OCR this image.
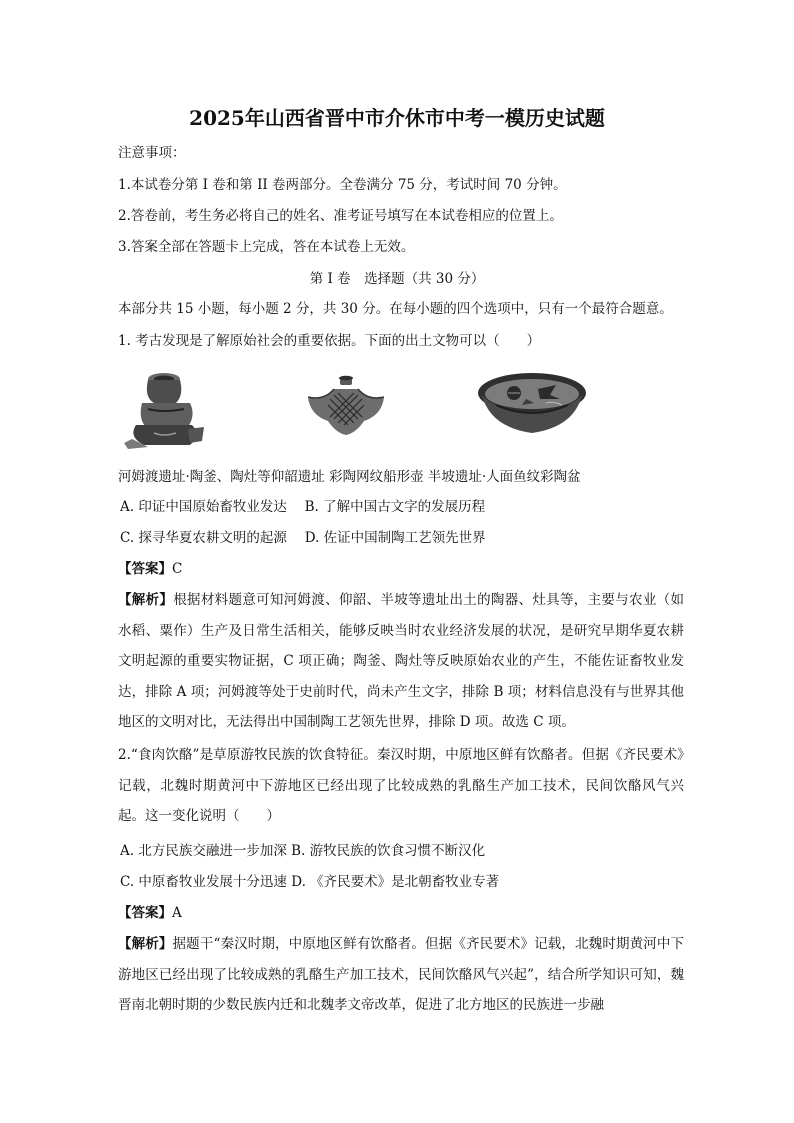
2025年山西省晋中市介休市中考一模历史试题
注意事项：
1.本试卷分第 I 卷和第 II 卷两部分。全卷满分 75 分，考试时间 70 分钟。
2.答卷前，考生务必将自己的姓名、准考证号填写在本试卷相应的位置上。
3.答案全部在答题卡上完成，答在本试卷上无效。
第 I 卷　选择题（共 30 分）
本部分共 15 小题，每小题 2 分，共 30 分。在每小题的四个选项中，只有一个最符合题意。
1. 考古发现是了解原始社会的重要依据。下面的出土文物可以（　　）
河姆渡遗址·陶釜、陶灶等仰韶遗址 彩陶网纹船形壶 半坡遗址·人面鱼纹彩陶盆
A. 印证中国原始畜牧业发达　 B. 了解中国古文字的发展历程
C. 探寻华夏农耕文明的起源　 D. 佐证中国制陶工艺领先世界
【答案】C
【解析】根据材料题意可知河姆渡、仰韶、半坡等遗址出土的陶器、灶具等，主要与农业（如水稻、粟作）生产及日常生活相关，能够反映当时农业经济发展的状况，是研究早期华夏农耕文明起源的重要实物证据，C 项正确；陶釜、陶灶等反映原始农业的产生，不能佐证畜牧业发达，排除 A 项；河姆渡等处于史前时代，尚未产生文字，排除 B 项；材料信息没有与世界其他地区的文明对比，无法得出中国制陶工艺领先世界，排除 D 项。故选 C 项。
2.“食肉饮酪”是草原游牧民族的饮食特征。秦汉时期，中原地区鲜有饮酪者。但据《齐民要术》记载，北魏时期黄河中下游地区已经出现了比较成熟的乳酪生产加工技术，民间饮酪风气兴起。这一变化说明（　　）
A. 北方民族交融进一步加深 B. 游牧民族的饮食习惯不断汉化
C. 中原畜牧业发展十分迅速 D. 《齐民要术》是北朝畜牧业专著
【答案】A
【解析】据题干“秦汉时期，中原地区鲜有饮酪者。但据《齐民要术》记载，北魏时期黄河中下游地区已经出现了比较成熟的乳酪生产加工技术，民间饮酪风气兴起”，结合所学知识可知，魏晋南北朝时期的少数民族内迁和北魏孝文帝改革，促进了北方地区的民族进一步融
